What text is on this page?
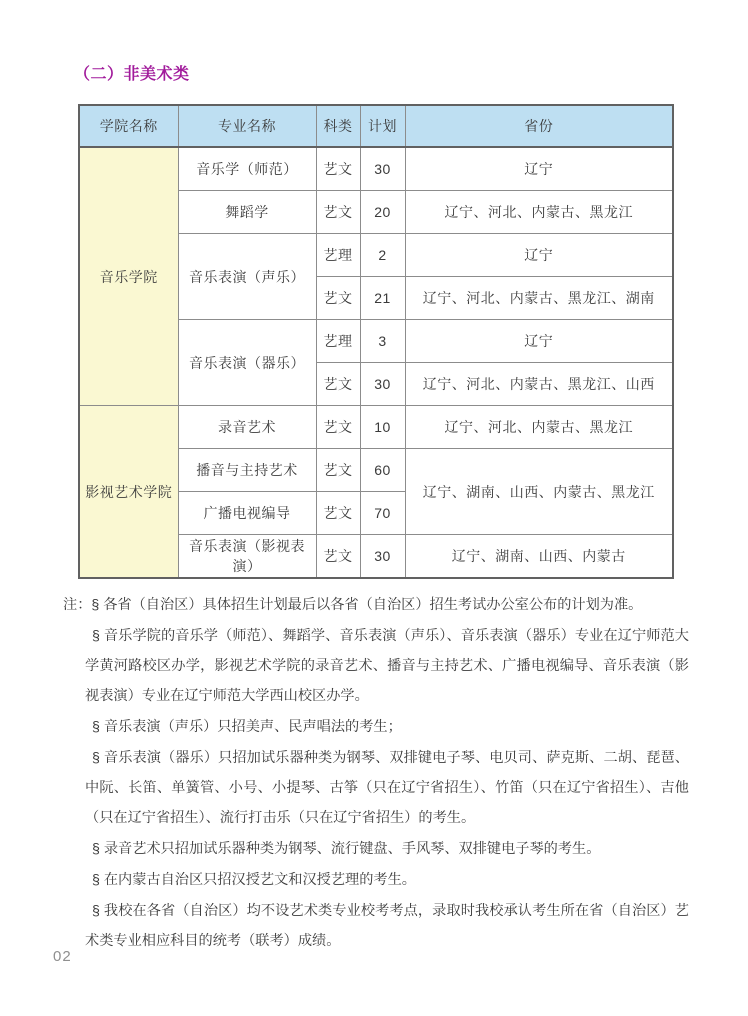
（二）非美术类
学院名称	专业名称	科类	计划	省份
音乐学院	音乐学（师范）	艺文	30	辽宁
	舞蹈学	艺文	20	辽宁、河北、内蒙古、黑龙江
	音乐表演（声乐）	艺理	2	辽宁
		艺文	21	辽宁、河北、内蒙古、黑龙江、湖南
	音乐表演（器乐）	艺理	3	辽宁
		艺文	30	辽宁、河北、内蒙古、黑龙江、山西
影视艺术学院	录音艺术	艺文	10	辽宁、河北、内蒙古、黑龙江
	播音与主持艺术	艺文	60	辽宁、湖南、山西、内蒙古、黑龙江
	广播电视编导	艺文	70	
	音乐表演（影视表演）	艺文	30	辽宁、湖南、山西、内蒙古

注：§ 各省（自治区）具体招生计划最后以各省（自治区）招生考试办公室公布的计划为准。

§ 音乐学院的音乐学（师范）、舞蹈学、音乐表演（声乐）、音乐表演（器乐）专业在辽宁师范大学黄河路校区办学，影视艺术学院的录音艺术、播音与主持艺术、广播电视编导、音乐表演（影视表演）专业在辽宁师范大学西山校区办学。

§ 音乐表演（声乐）只招美声、民声唱法的考生；

§ 音乐表演（器乐）只招加试乐器种类为钢琴、双排键电子琴、电贝司、萨克斯、二胡、琵琶、中阮、长笛、单簧管、小号、小提琴、古筝（只在辽宁省招生）、竹笛（只在辽宁省招生）、吉他（只在辽宁省招生）、流行打击乐（只在辽宁省招生）的考生。

§ 录音艺术只招加试乐器种类为钢琴、流行键盘、手风琴、双排键电子琴的考生。

§ 在内蒙古自治区只招汉授艺文和汉授艺理的考生。

§ 我校在各省（自治区）均不设艺术类专业校考考点，录取时我校承认考生所在省（自治区）艺术类专业相应科目的统考（联考）成绩。

02
